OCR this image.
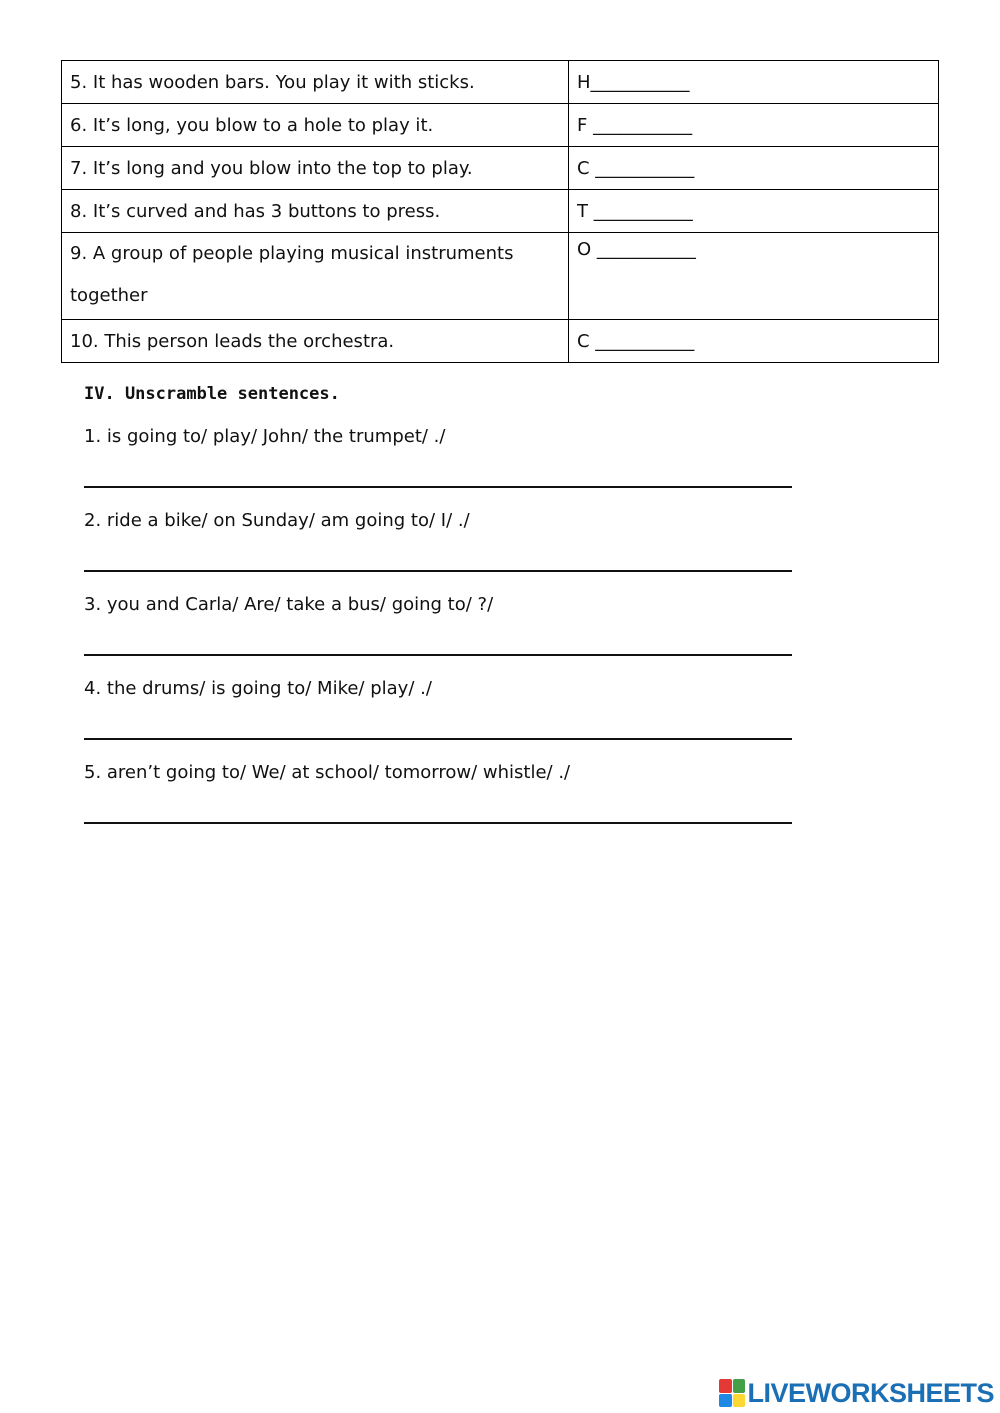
5. It has wooden bars. You play it with sticks.	H___________
6. It’s long, you blow to a hole to play it.	F ___________
7. It’s long and you blow into the top to play.	C ___________
8. It’s curved and has 3 buttons to press.	T ___________
9. A group of people playing musical instruments together	O ___________
10. This person leads the orchestra.	C ___________
IV. Unscramble sentences.

1. is going to/ play/ John/ the trumpet/ ./

2. ride a bike/ on Sunday/ am going to/ I/ ./

3. you and Carla/ Are/ take a bus/ going to/ ?/

4. the drums/ is going to/ Mike/ play/ ./

5. aren’t going to/ We/ at school/ tomorrow/ whistle/ ./

LIVEWORKSHEETS
